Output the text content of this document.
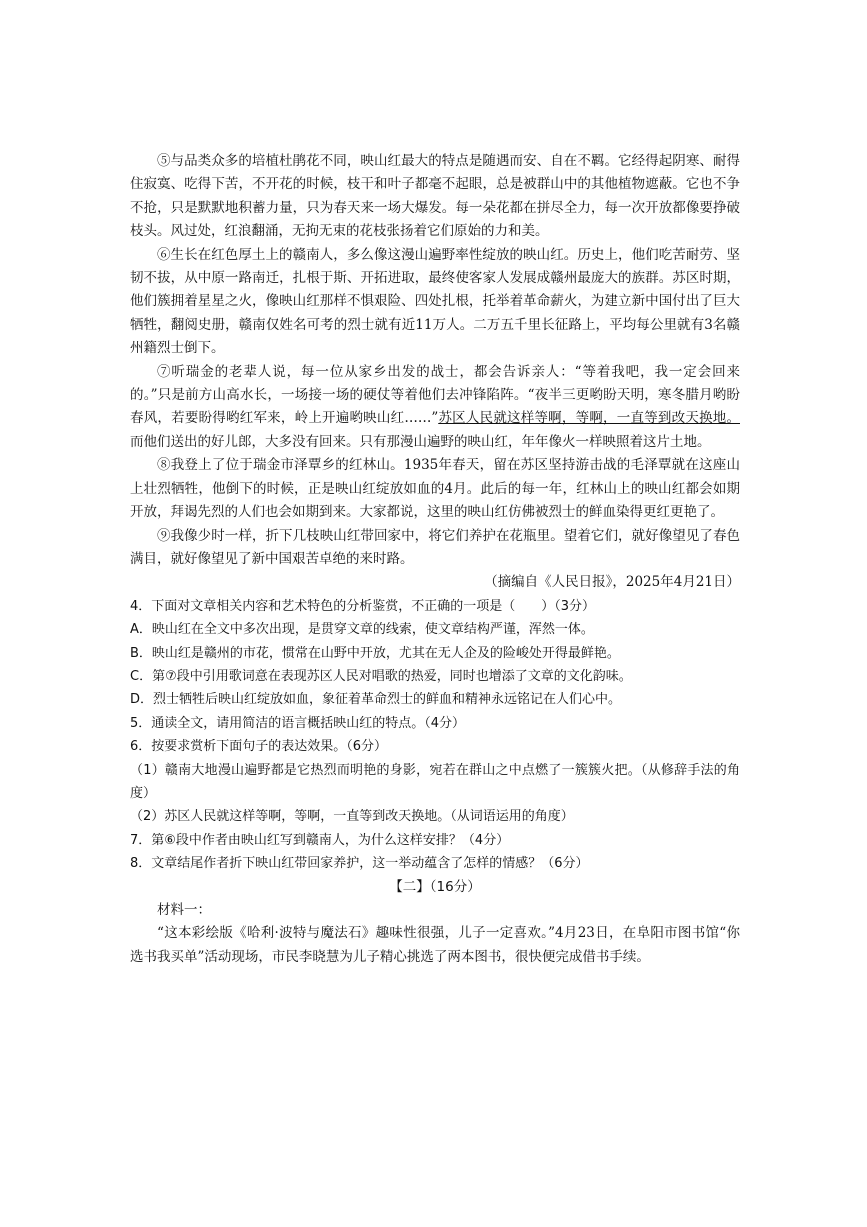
⑤与品类众多的培植杜鹃花不同，映山红最大的特点是随遇而安、自在不羁。它经得起阴寒、耐得住寂寞、吃得下苦，不开花的时候，枝干和叶子都毫不起眼，总是被群山中的其他植物遮蔽。它也不争不抢，只是默默地积蓄力量，只为春天来一场大爆发。每一朵花都在拼尽全力，每一次开放都像要挣破枝头。风过处，红浪翻涌，无拘无束的花枝张扬着它们原始的力和美。

⑥生长在红色厚土上的赣南人，多么像这漫山遍野率性绽放的映山红。历史上，他们吃苦耐劳、坚韧不拔，从中原一路南迁，扎根于斯、开拓进取，最终使客家人发展成赣州最庞大的族群。苏区时期，他们簇拥着星星之火，像映山红那样不惧艰险、四处扎根，托举着革命薪火，为建立新中国付出了巨大牺牲，翻阅史册，赣南仅姓名可考的烈士就有近11万人。二万五千里长征路上，平均每公里就有3名赣州籍烈士倒下。

⑦听瑞金的老辈人说，每一位从家乡出发的战士，都会告诉亲人：“等着我吧，我一定会回来的。”只是前方山高水长，一场接一场的硬仗等着他们去冲锋陷阵。“夜半三更哟盼天明，寒冬腊月哟盼春风，若要盼得哟红军来，岭上开遍哟映山红……”苏区人民就这样等啊，等啊，一直等到改天换地。而他们送出的好儿郎，大多没有回来。只有那漫山遍野的映山红，年年像火一样映照着这片土地。

⑧我登上了位于瑞金市泽覃乡的红林山。1935年春天，留在苏区坚持游击战的毛泽覃就在这座山上壮烈牺牲，他倒下的时候，正是映山红绽放如血的4月。此后的每一年，红林山上的映山红都会如期开放，拜谒先烈的人们也会如期到来。大家都说，这里的映山红仿佛被烈士的鲜血染得更红更艳了。

⑨我像少时一样，折下几枝映山红带回家中，将它们养护在花瓶里。望着它们，就好像望见了春色满目，就好像望见了新中国艰苦卓绝的来时路。

（摘编自《人民日报》，2025年4月21日）

4．下面对文章相关内容和艺术特色的分析鉴赏，不正确的一项是（　　）（3分）

A．映山红在全文中多次出现，是贯穿文章的线索，使文章结构严谨，浑然一体。

B．映山红是赣州的市花，惯常在山野中开放，尤其在无人企及的险峻处开得最鲜艳。

C．第⑦段中引用歌词意在表现苏区人民对唱歌的热爱，同时也增添了文章的文化韵味。

D．烈士牺牲后映山红绽放如血，象征着革命烈士的鲜血和精神永远铭记在人们心中。

5．通读全文，请用简洁的语言概括映山红的特点。（4分）

6．按要求赏析下面句子的表达效果。（6分）

（1）赣南大地漫山遍野都是它热烈而明艳的身影，宛若在群山之中点燃了一簇簇火把。（从修辞手法的角度）

（2）苏区人民就这样等啊，等啊，一直等到改天换地。（从词语运用的角度）

7．第⑥段中作者由映山红写到赣南人，为什么这样安排？（4分）

8．文章结尾作者折下映山红带回家养护，这一举动蕴含了怎样的情感？（6分）

【二】（16分）

材料一：

“这本彩绘版《哈利·波特与魔法石》趣味性很强，儿子一定喜欢。”4月23日，在阜阳市图书馆“你选书我买单”活动现场，市民李晓慧为儿子精心挑选了两本图书，很快便完成借书手续。
